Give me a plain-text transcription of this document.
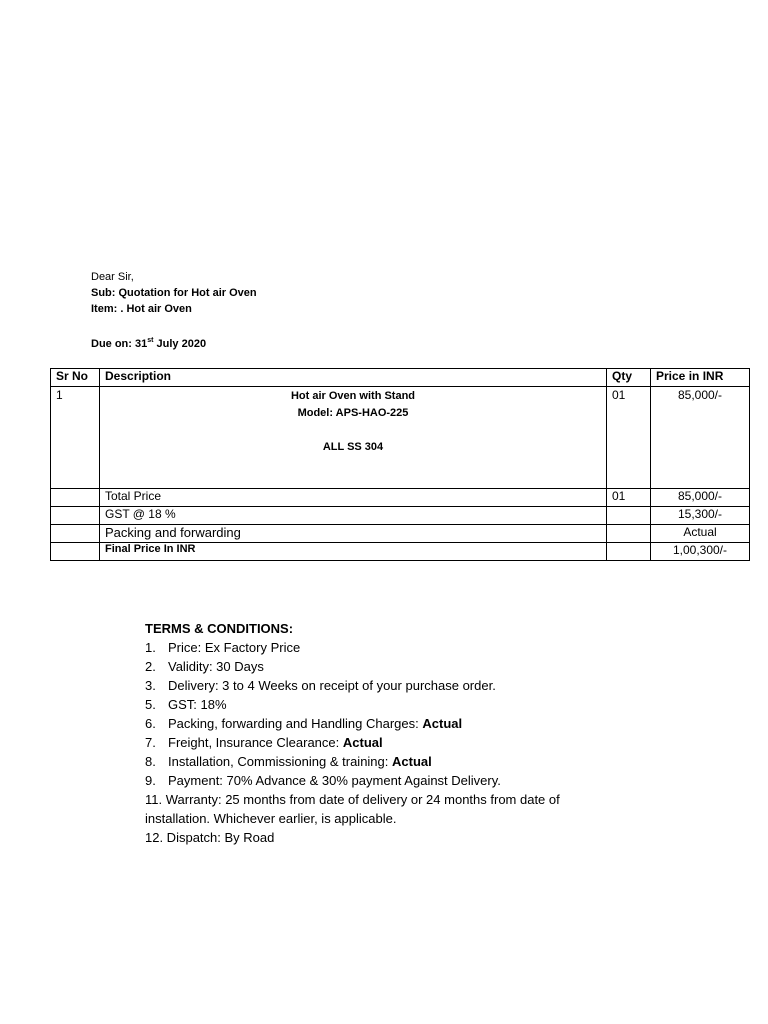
Dear Sir,
Sub: Quotation for Hot air Oven
Item: . Hot air Oven
Due on: 31st July 2020
Sr No	Description	Qty	Price in INR
1	Hot air Oven with Stand
Model: APS-HAO-225
ALL SS 304	01	85,000/-
	Total Price	01	85,000/-
	GST @ 18 %		15,300/-
	Packing and forwarding		Actual
	Final Price In INR		1,00,300/-
TERMS & CONDITIONS:
1. Price: Ex Factory Price
2. Validity: 30 Days
3. Delivery: 3 to 4 Weeks on receipt of your purchase order.
5. GST: 18%
6. Packing, forwarding and Handling Charges: Actual
7. Freight, Insurance Clearance: Actual
8. Installation, Commissioning & training: Actual
9. Payment: 70% Advance & 30% payment Against Delivery.
11. Warranty: 25 months from date of delivery or 24 months from date of installation. Whichever earlier, is applicable.
12. Dispatch: By Road
